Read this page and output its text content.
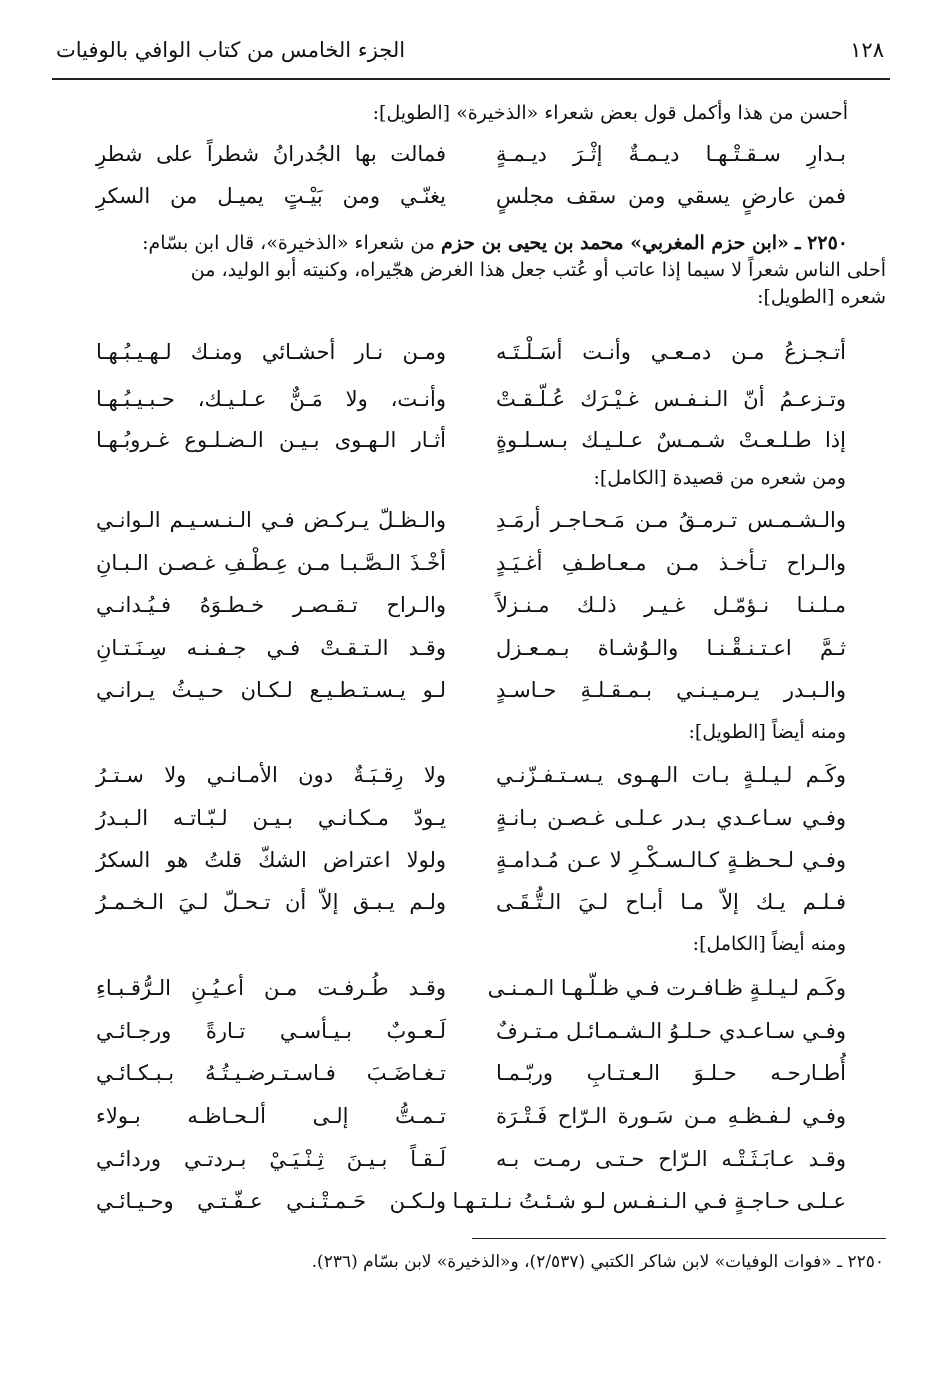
١٢٨
الجزء الخامس من كتاب الوافي بالوفيات
أحسن من هذا وأكمل قول بعض شعراء «الذخيرة» [الطويل]:
بـدارِ سـقـتْـهـا ديـمـةٌ إثْـرَ ديـمـةٍ
فمالت بها الجُدرانُ شطراً على شطرِ
فمن عارضٍ يسقي ومن سقف مجلسٍ
يغنّـي ومن بَيْـتٍ يميـل من السكرِ
٢٢٥٠ ـ «ابن حزم المغربي» محمد بن يحيى بن حزم من شعراء «الذخيرة»، قال ابن بسّام:
أحلى الناس شعراً لا سيما إذا عاتب أو عُتب جعل هذا الغرض هجّيراه، وكنيته أبو الوليد، من
شعره [الطويل]:
أتـجـزعُ مـن دمـعـي وأنـت أسَـلْـتَـه
ومـن نـار أحشـائي ومنـك لـهـيـبُـهـا
وتـزعـمُ أنّ الـنـفـس غـيْـرَك عُـلّـقـتْ
وأنـت، ولا مَـنٌّ عـلـيـك، حـبـيـبُـهـا
إذا طـلـعـتْ شـمـسٌ عـلـيـك بـسـلـوةٍ
أثـار الـهـوى بـيـن الـضـلـوع غـروبُـهـا
ومن شعره من قصيدة [الكامل]:
والـشـمـس تـرمـقُ مـن مَـحـاجـر أرمَـدِ
والـظـلّ يـركـض فـي الـنـسـيـم الـوانـي
والـراح تـأخـذ مـن مـعـاطـفِ أغـيَـدٍ
أخْـذَ الـصَّـبـا مـن عِـطْـفِ غـصـن الـبـانِ
مـلـنـا نـؤمّـل غـيـر ذلـك مـنـزلاً
والـراح تـقـصـر خـطـوَهُ فـيُـدانـي
ثـمَّ اعـتـنـقْـنـا والـوُشـاة بـمـعـزل
وقـد الـتـقـتْ فـي جـفـنـه سِـنَـتـانِ
والـبـدر يـرمـيـنـي بـمـقـلـةِ حـاسـدٍ
لـو يـسـتـطـيـع لـكـان حـيـثُ يـرانـي
ومنه أيضاً [الطويل]:
وكَـم لـيـلـةٍ بـات الـهـوى يـسـتـفـزّنـي
ولا رِقـبَـةٌ دون الأمـانـي ولا سـتـرُ
وفـي سـاعـدي بـدر عـلـى غـصـن بـانـةٍ
يـودّ مـكـانـي بـيـن لـبّـاتـه الـبـدرُ
وفـي لـحـظـةٍ كـالـسـكْـرِ لا عـن مُـدامـةٍ
ولولا اعتراض الشكّ قلتُ هو السكرُ
فـلـم يـك إلاّ مـا أبـاح لـيَ الـتُّـقَـى
ولـم يـبـق إلاّ أن تـحـلّ لـيَ الـخـمـرُ
ومنه أيضاً [الكامل]:
وكَـم لـيـلـةٍ ظـافـرت فـي ظـلّـهـا الـمـنـى
وقـد طُـرفـت مـن أعـيُـنِ الـرُّقـبـاءِ
وفـي سـاعـدي حـلـوُ الـشـمـائـل مـتـرفٌ
لَـعـوبٌ بـيـأسـي تـارةً ورجـائـي
أُطـارحـه حـلـوَ الـعـتـابِ وربّـمـا
تـغـاضَـبَ فـاسـتـرضـيـتُـهُ بـبـكـائـي
وفـي لـفـظـهِ مـن سَـورة الـرّاح فَـتْـرَة
تـمـتُّ إلـى ألـحـاظـه بـولاء
وقـد عـابَـثَـتْـه الـرّاح حـتـى رمـت بـه
لَـقـاً بـيـنَ ثِـنْـيَـيْ بـردتـي وردائـي
عـلـى حـاجـةٍ فـي الـنـفـس لـو شـئـتُ نـلـتـهـا
ولـكـن حَـمـتْـنـي عـفّـتـي وحـيـائـي
٢٢٥٠ ـ «فوات الوفيات» لابن شاكر الكتبي (٢/٥٣٧)، و«الذخيرة» لابن بسّام (٢٣٦).
